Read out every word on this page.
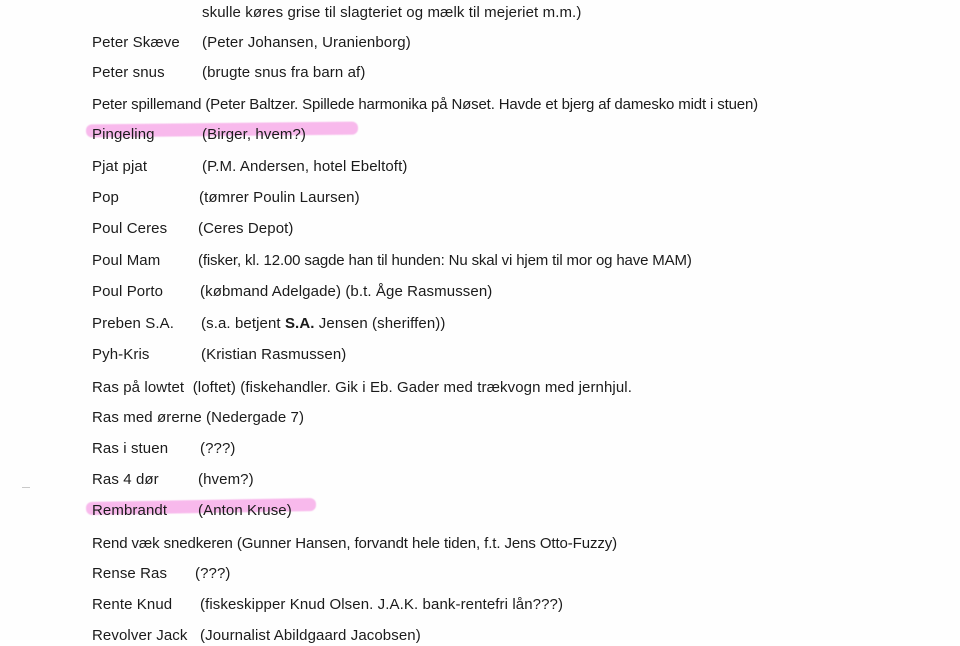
skulle køres grise til slagteriet og mælk til mejeriet m.m.)
Peter Skæve (Peter Johansen, Uranienborg)
Peter snus (brugte snus fra barn af)
Peter spillemand (Peter Baltzer. Spillede harmonika på Nøset. Havde et bjerg af damesko midt i stuen)
Pingeling	(Birger, hvem?)
Pjat pjat	(P.M. Andersen, hotel Ebeltoft)
Pop	(tømrer Poulin Laursen)
Poul Ceres (Ceres Depot)
Poul Mam	(fisker, kl. 12.00 sagde han til hunden: Nu skal vi hjem til mor og have MAM)
Poul Porto (købmand Adelgade) (b.t. Åge Rasmussen)
Preben S.A. (s.a. betjent S.A. Jensen (sheriffen))
Pyh-Kris	(Kristian Rasmussen)
Ras på lowtet  (loftet) (fiskehandler. Gik i Eb. Gader med trækvogn med jernhjul.
Ras med ørerne (Nedergade 7)
Ras i stuen (???)
Ras 4 dør	(hvem?)
Rembrandt (Anton Kruse)
Rend væk snedkeren (Gunner Hansen, forvandt hele tiden, f.t. Jens Otto-Fuzzy)
Rense Ras (???)
Rente Knud (fiskeskipper Knud Olsen. J.A.K. bank-rentefri lån???)
Revolver Jack (Journalist Abildgaard Jacobsen)
